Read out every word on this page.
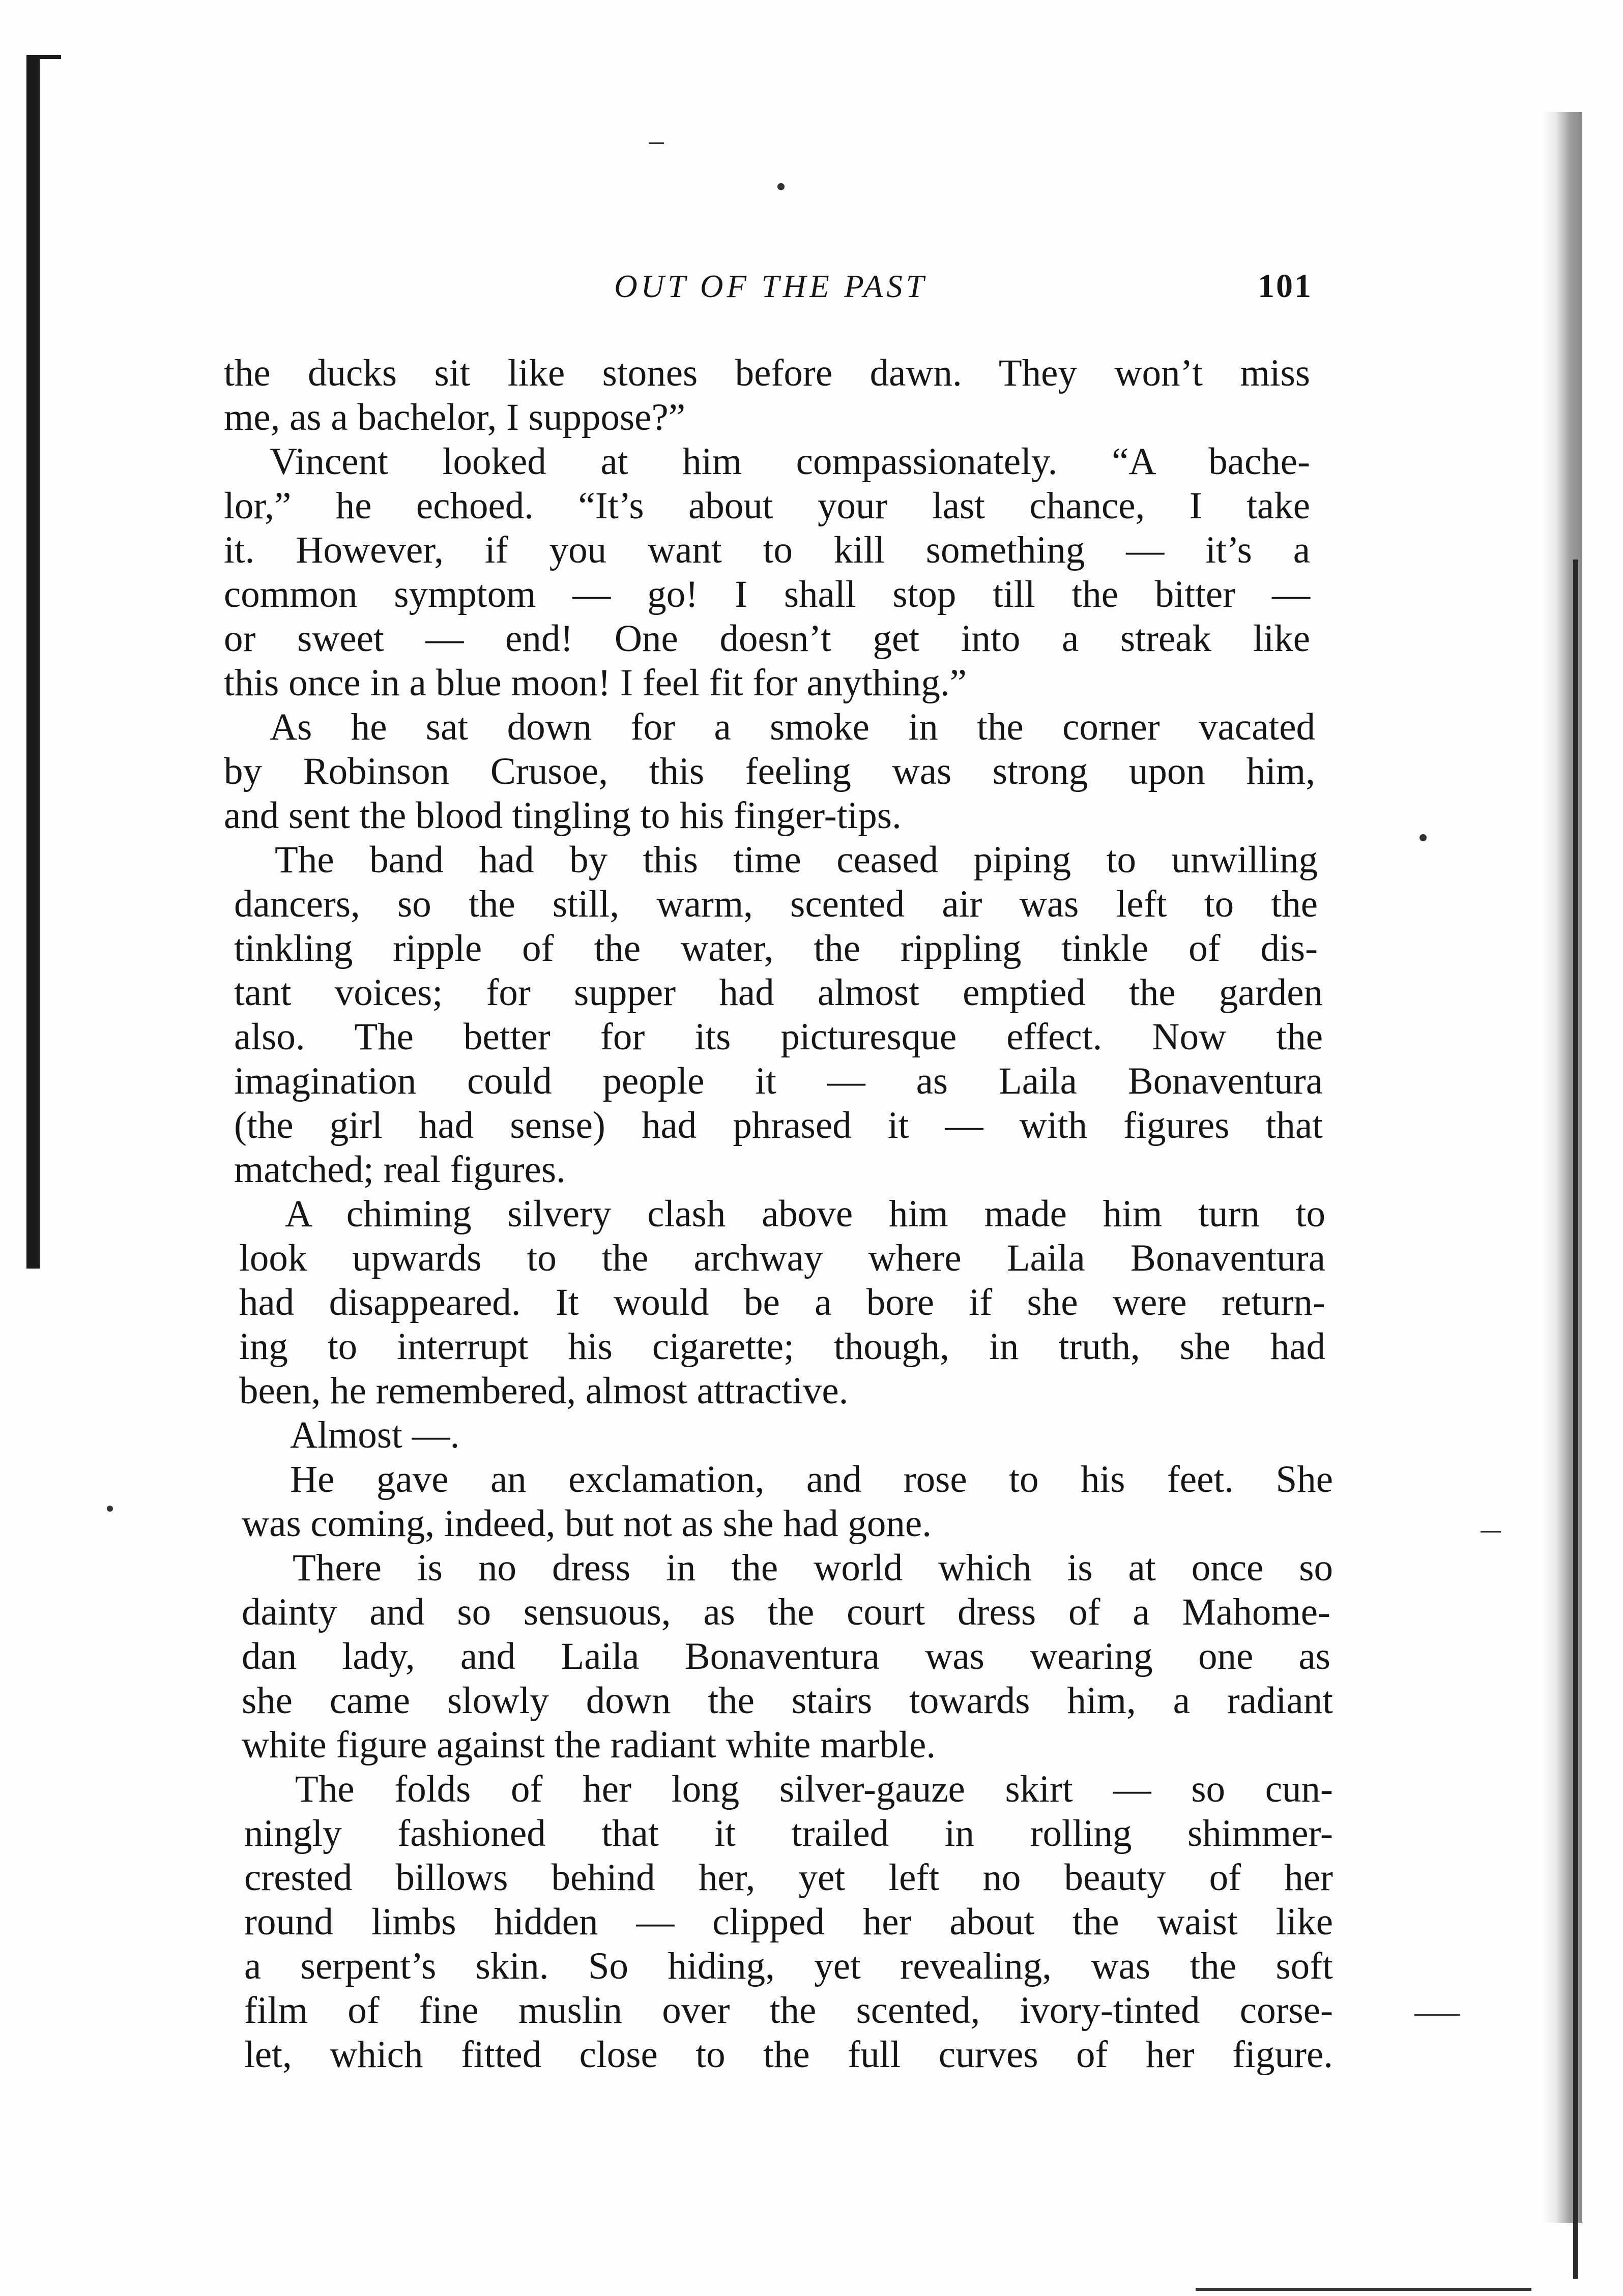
OUT OF THE PAST	101
the ducks sit like stones before dawn. They won’t miss
me, as a bachelor, I suppose?”
Vincent looked at him compassionately. “A bache-
lor,” he echoed. “It’s about your last chance, I take
it. However, if you want to kill something — it’s a
common symptom — go! I shall stop till the bitter —
or sweet — end! One doesn’t get into a streak like
this once in a blue moon! I feel fit for anything.”
As he sat down for a smoke in the corner vacated
by Robinson Crusoe, this feeling was strong upon him,
and sent the blood tingling to his finger-tips.
The band had by this time ceased piping to unwilling
dancers, so the still, warm, scented air was left to the
tinkling ripple of the water, the rippling tinkle of dis-
tant voices; for supper had almost emptied the garden
also. The better for its picturesque effect. Now the
imagination could people it — as Laila Bonaventura
(the girl had sense) had phrased it — with figures that
matched; real figures.
A chiming silvery clash above him made him turn to
look upwards to the archway where Laila Bonaventura
had disappeared. It would be a bore if she were return-
ing to interrupt his cigarette; though, in truth, she had
been, he remembered, almost attractive.
Almost —.
He gave an exclamation, and rose to his feet. She
was coming, indeed, but not as she had gone.
There is no dress in the world which is at once so
dainty and so sensuous, as the court dress of a Mahome-
dan lady, and Laila Bonaventura was wearing one as
she came slowly down the stairs towards him, a radiant
white figure against the radiant white marble.
The folds of her long silver-gauze skirt — so cun-
ningly fashioned that it trailed in rolling shimmer-
crested billows behind her, yet left no beauty of her
round limbs hidden — clipped her about the waist like
a serpent’s skin. So hiding, yet revealing, was the soft
film of fine muslin over the scented, ivory-tinted corse-
let, which fitted close to the full curves of her figure.
